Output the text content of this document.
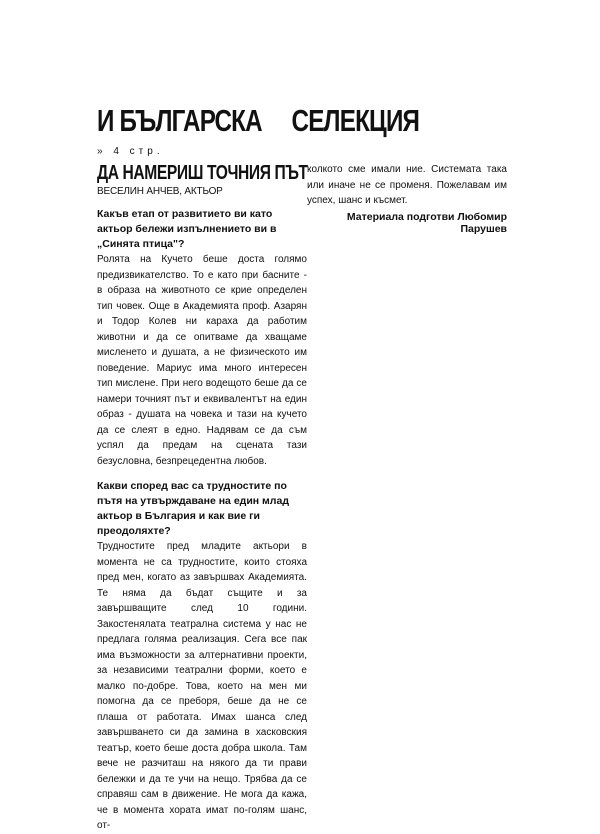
И БЪЛГАРСКА     СЕЛЕКЦИЯ

» 4 стр.

ДА НАМЕРИШ ТОЧНИЯ ПЪТ

ВЕСЕЛИН АНЧЕВ, АКТЬОР

Какъв етап от развитието ви като актьор бележи изпълнението ви в „Синята птица"?

Ролята на Кучето беше доста голямо предизвикателство. То е като при басните - в образа на животното се крие определен тип човек. Още в Академията проф. Азарян и Тодор Колев ни караха да работим животни и да се опитваме да хващаме мисленето и душата, а не физическото им поведение. Мариус има много интересен тип мислене. При него водещото беше да се намери точният път и еквивалентът на един образ - душата на човека и тази на кучето да се слеят в едно. Надявам се да съм успял да предам на сцената тази безусловна, безпрецедентна любов.

Какви според вас са трудностите по пътя на утвърждаване на един млад актьор в България и как вие ги преодоляхте?

Трудностите пред младите актьори в момента не са трудностите, които стояха пред мен, когато аз завършвах Академията. Те няма да бъдат същите и за завършващите след 10 години. Закостенялата театрална система у нас не предлага голяма реализация. Сега все пак има възможности за алтернативни проекти, за независими театрални форми, което е малко по-добре. Това, което на мен ми помогна да се преборя, беше да не се плаша от работата. Имах шанса след завършването си да замина в хасковския театър, което беше доста добра школа. Там вече не разчиташ на някого да ти прави бележки и да те учи на нещо. Трябва да се справяш сам в движение. Не мога да кажа, че в момента хората имат по-голям шанс, от-

колкото сме имали ние. Системата така или иначе не се променя. Пожелавам им успех, шанс и късмет.

Материала подготви Любомир Парушев
